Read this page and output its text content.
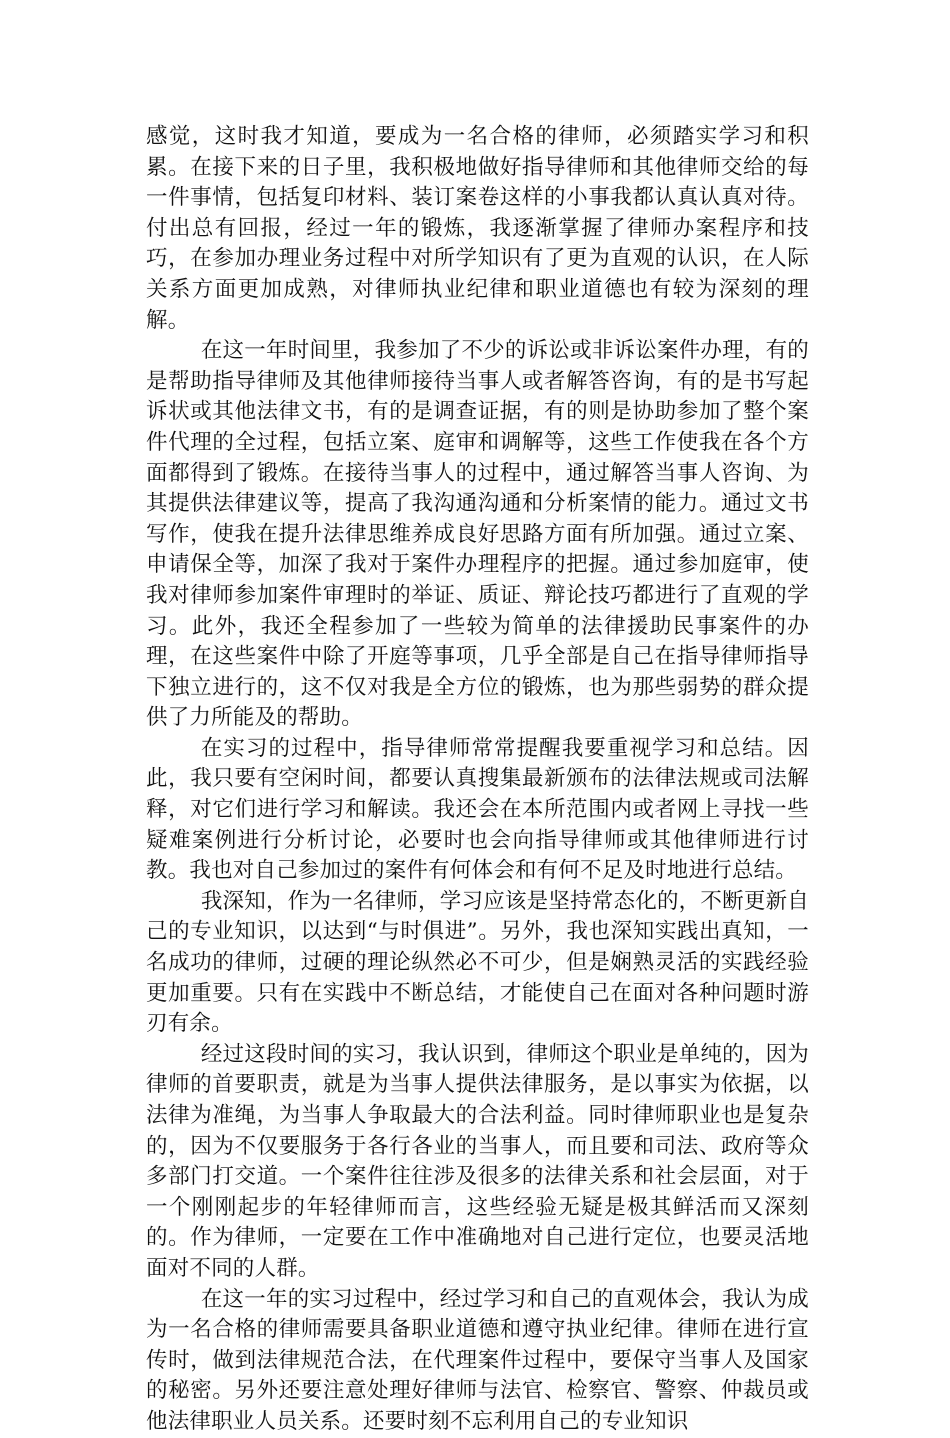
感觉，这时我才知道，要成为一名合格的律师，必须踏实学习和积累。在接下来的日子里，我积极地做好指导律师和其他律师交给的每一件事情，包括复印材料、装订案卷这样的小事我都认真认真对待。付出总有回报，经过一年的锻炼，我逐渐掌握了律师办案程序和技巧，在参加办理业务过程中对所学知识有了更为直观的认识，在人际关系方面更加成熟，对律师执业纪律和职业道德也有较为深刻的理解。

在这一年时间里，我参加了不少的诉讼或非诉讼案件办理，有的是帮助指导律师及其他律师接待当事人或者解答咨询，有的是书写起诉状或其他法律文书，有的是调查证据，有的则是协助参加了整个案件代理的全过程，包括立案、庭审和调解等，这些工作使我在各个方面都得到了锻炼。在接待当事人的过程中，通过解答当事人咨询、为其提供法律建议等，提高了我沟通沟通和分析案情的能力。通过文书写作，使我在提升法律思维养成良好思路方面有所加强。通过立案、申请保全等，加深了我对于案件办理程序的把握。通过参加庭审，使我对律师参加案件审理时的举证、质证、辩论技巧都进行了直观的学习。此外，我还全程参加了一些较为简单的法律援助民事案件的办理，在这些案件中除了开庭等事项，几乎全部是自己在指导律师指导下独立进行的，这不仅对我是全方位的锻炼，也为那些弱势的群众提供了力所能及的帮助。

在实习的过程中，指导律师常常提醒我要重视学习和总结。因此，我只要有空闲时间，都要认真搜集最新颁布的法律法规或司法解释，对它们进行学习和解读。我还会在本所范围内或者网上寻找一些疑难案例进行分析讨论，必要时也会向指导律师或其他律师进行讨教。我也对自己参加过的案件有何体会和有何不足及时地进行总结。

我深知，作为一名律师，学习应该是坚持常态化的，不断更新自己的专业知识，以达到“与时俱进”。另外，我也深知实践出真知，一名成功的律师，过硬的理论纵然必不可少，但是娴熟灵活的实践经验更加重要。只有在实践中不断总结，才能使自己在面对各种问题时游刃有余。

经过这段时间的实习，我认识到，律师这个职业是单纯的，因为律师的首要职责，就是为当事人提供法律服务，是以事实为依据，以法律为准绳，为当事人争取最大的合法利益。同时律师职业也是复杂的，因为不仅要服务于各行各业的当事人，而且要和司法、政府等众多部门打交道。一个案件往往涉及很多的法律关系和社会层面，对于一个刚刚起步的年轻律师而言，这些经验无疑是极其鲜活而又深刻的。作为律师，一定要在工作中准确地对自己进行定位，也要灵活地面对不同的人群。

在这一年的实习过程中，经过学习和自己的直观体会，我认为成为一名合格的律师需要具备职业道德和遵守执业纪律。律师在进行宣传时，做到法律规范合法，在代理案件过程中，要保守当事人及国家的秘密。另外还要注意处理好律师与法官、检察官、警察、仲裁员或他法律职业人员关系。还要时刻不忘利用自己的专业知识
